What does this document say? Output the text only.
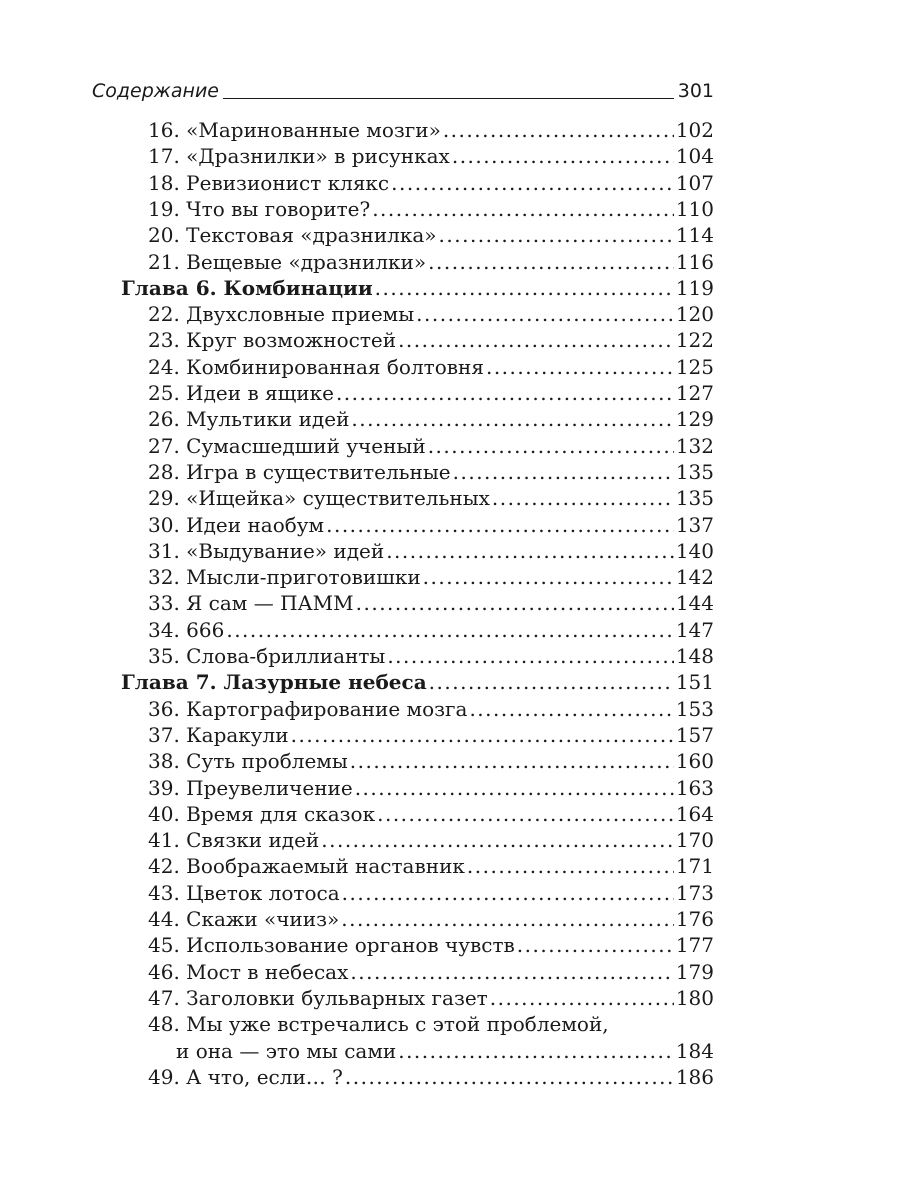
Содержание	301
16. «Маринованные мозги» .....	102
17. «Дразнилки» в рисунках .....	104
18. Ревизионист клякс .....	107
19. Что вы говорите? .....	110
20. Текстовая «дразнилка» .....	114
21. Вещевые «дразнилки» .....	116
Глава 6. Комбинации .....	119
22. Двухсловные приемы .....	120
23. Круг возможностей .....	122
24. Комбинированная болтовня .....	125
25. Идеи в ящике .....	127
26. Мультики идей .....	129
27. Сумасшедший ученый .....	132
28. Игра в существительные .....	135
29. «Ищейка» существительных .....	135
30. Идеи наобум .....	137
31. «Выдувание» идей .....	140
32. Мысли-приготовишки .....	142
33. Я сам — ПАММ .....	144
34. 666 .....	147
35. Слова-бриллианты .....	148
Глава 7. Лазурные небеса .....	151
36. Картографирование мозга .....	153
37. Каракули .....	157
38. Суть проблемы .....	160
39. Преувеличение .....	163
40. Время для сказок .....	164
41. Связки идей .....	170
42. Воображаемый наставник .....	171
43. Цветок лотоса .....	173
44. Скажи «чииз» .....	176
45. Использование органов чувств .....	177
46. Мост в небесах .....	179
47. Заголовки бульварных газет .....	180
48. Мы уже встречались с этой проблемой,
и она — это мы сами .....	184
49. А что, если… ? .....	186
